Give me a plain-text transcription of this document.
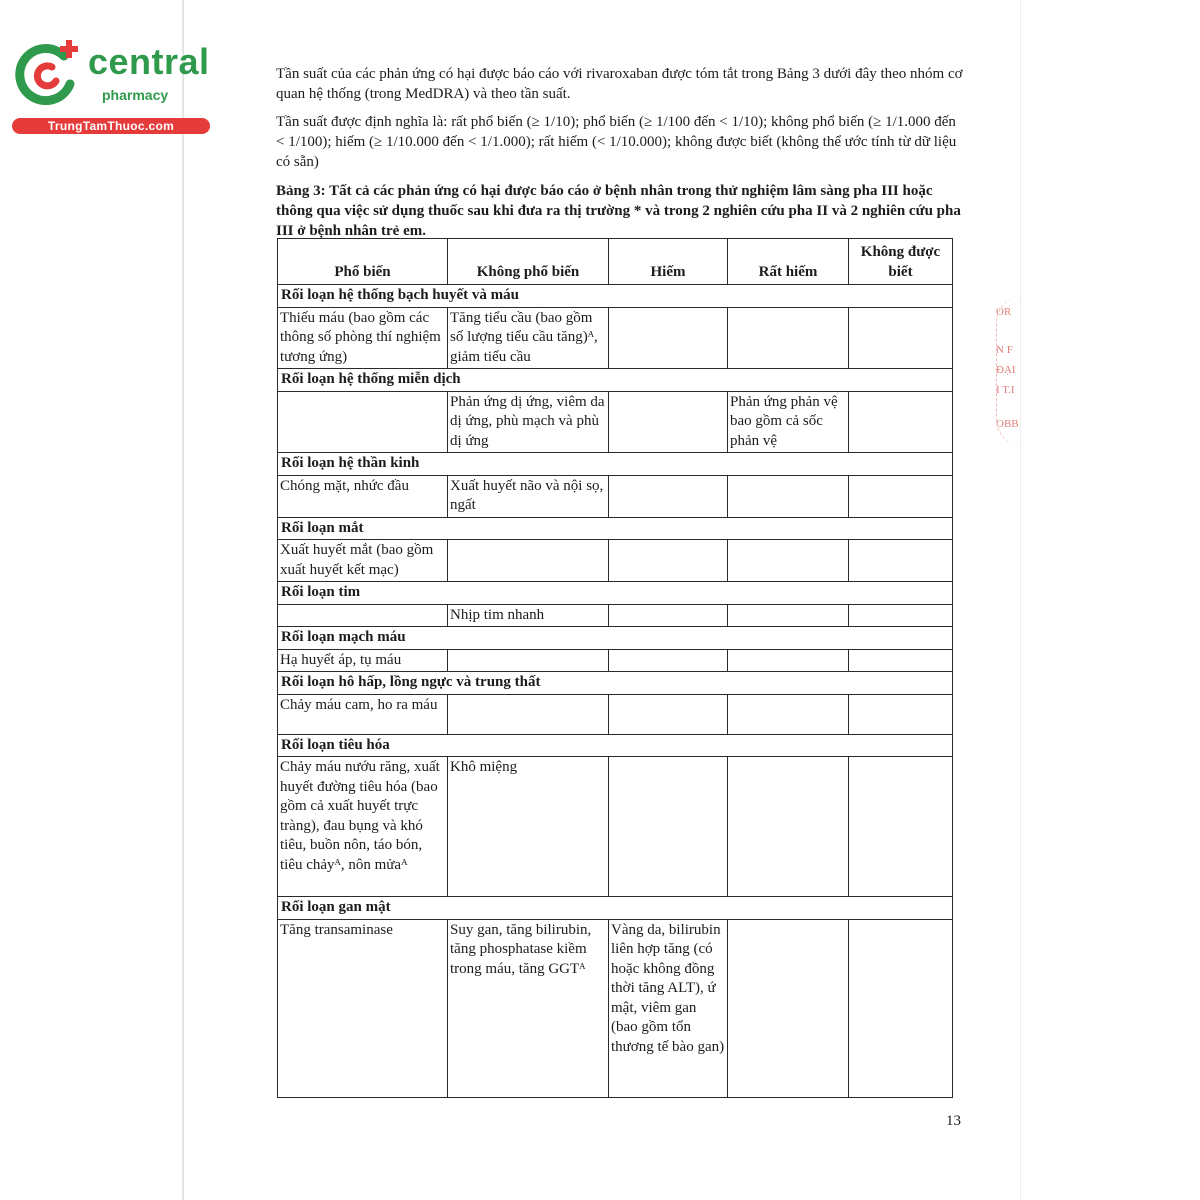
central
pharmacy
TrungTamThuoc.com
Tần suất của các phản ứng có hại được báo cáo với rivaroxaban được tóm tắt trong Bảng 3 dưới đây theo nhóm cơ quan hệ thống (trong MedDRA) và theo tần suất.
Tần suất được định nghĩa là: rất phổ biến (≥ 1/10); phổ biến (≥ 1/100 đến < 1/10); không phổ biến (≥ 1/1.000 đến < 1/100); hiếm (≥ 1/10.000 đến < 1/1.000); rất hiếm (< 1/10.000); không được biết (không thể ước tính từ dữ liệu có sẵn)
Bảng 3: Tất cả các phản ứng có hại được báo cáo ở bệnh nhân trong thử nghiệm lâm sàng pha III hoặc thông qua việc sử dụng thuốc sau khi đưa ra thị trường * và trong 2 nghiên cứu pha II và 2 nghiên cứu pha III ở bệnh nhân trẻ em.
Phổ biến	Không phổ biến	Hiếm	Rất hiếm	Không được biết
Rối loạn hệ thống bạch huyết và máu				
Thiếu máu (bao gồm các thông số phòng thí nghiệm tương ứng)	Tăng tiểu cầu (bao gồm số lượng tiểu cầu tăng)ᴬ, giảm tiểu cầu			
Rối loạn hệ thống miễn dịch				
	Phản ứng dị ứng, viêm da dị ứng, phù mạch và phù dị ứng		Phản ứng phản vệ bao gồm cả sốc phản vệ	
Rối loạn hệ thần kinh				
Chóng mặt, nhức đầu	Xuất huyết não và nội sọ, ngất			
Rối loạn mắt				
Xuất huyết mắt (bao gồm xuất huyết kết mạc)				
Rối loạn tim				
	Nhịp tim nhanh			
Rối loạn mạch máu				
Hạ huyết áp, tụ máu				
Rối loạn hô hấp, lồng ngực và trung thất				
Chảy máu cam, ho ra máu				
Rối loạn tiêu hóa				
Chảy máu nướu răng, xuất huyết đường tiêu hóa (bao gồm cả xuất huyết trực tràng), đau bụng và khó tiêu, buồn nôn, táo bón, tiêu chảyᴬ, nôn mửaᴬ	Khô miệng			
Rối loạn gan mật				
Tăng transaminase	Suy gan, tăng bilirubin, tăng phosphatase kiềm trong máu, tăng GGTᴬ	Vàng da, bilirubin liên hợp tăng (có hoặc không đồng thời tăng ALT), ứ mật, viêm gan (bao gồm tổn thương tế bào gan)		
13
OR
N F
ĐẠI
I T.I
OBB
